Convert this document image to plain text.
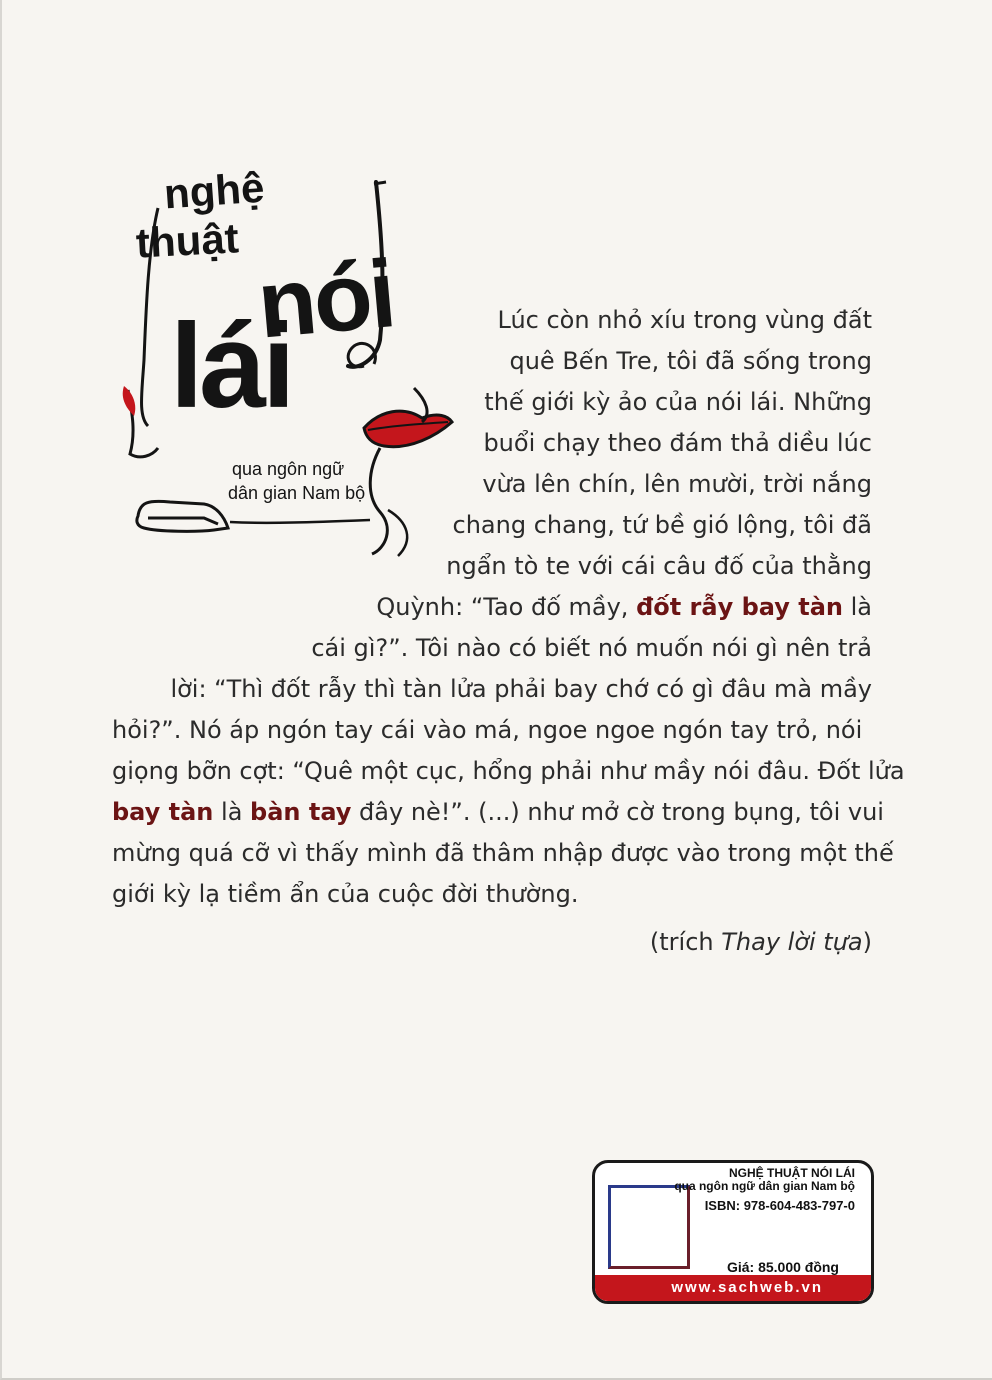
nghệ
thuật nói
lái
qua ngôn ngữ
dân gian Nam bộ
Lúc còn nhỏ xíu trong vùng đất
quê Bến Tre, tôi đã sống trong
thế giới kỳ ảo của nói lái. Những
buổi chạy theo đám thả diều lúc
vừa lên chín, lên mười, trời nắng
chang chang, tứ bề gió lộng, tôi đã
ngẩn tò te với cái câu đố của thằng
Quỳnh: “Tao đố mầy, đốt rẫy bay tàn là
cái gì?”. Tôi nào có biết nó muốn nói gì nên trả
lời: “Thì đốt rẫy thì tàn lửa phải bay chớ có gì đâu mà mầy
hỏi?”. Nó áp ngón tay cái vào má, ngoe ngoe ngón tay trỏ, nói
giọng bỡn cợt: “Quê một cục, hổng phải như mầy nói đâu. Đốt lửa
bay tàn là bàn tay đây nè!”. (...) như mở cờ trong bụng, tôi vui
mừng quá cỡ vì thấy mình đã thâm nhập được vào trong một thế
giới kỳ lạ tiềm ẩn của cuộc đời thường.
(trích Thay lời tựa)
NGHỆ THUẬT NÓI LÁI
qua ngôn ngữ dân gian Nam bộ
ISBN: 978-604-483-797-0
Giá: 85.000 đồng
www.sachweb.vn
